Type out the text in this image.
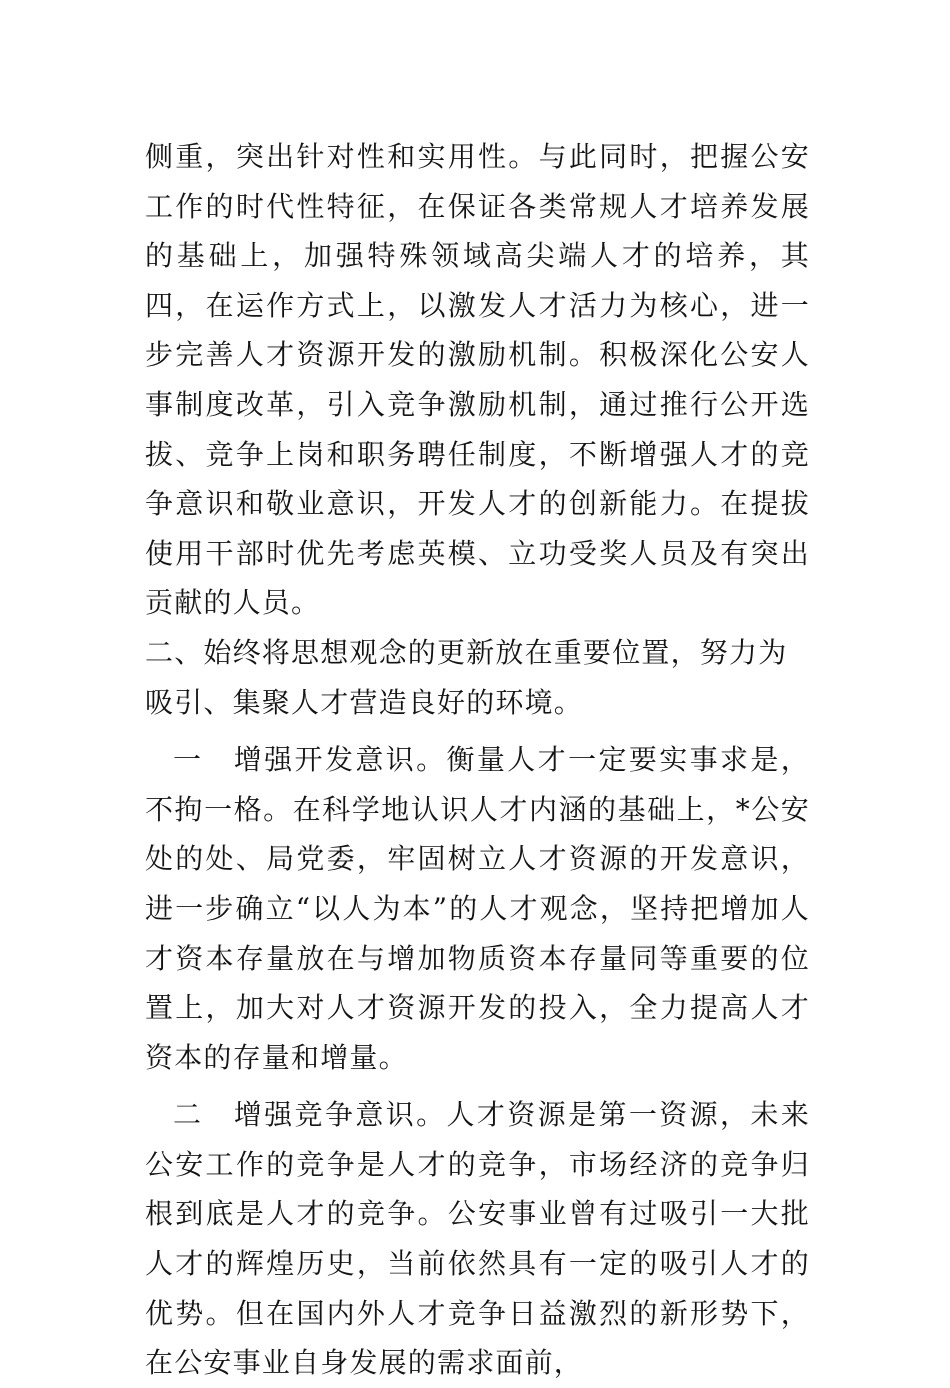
侧重，突出针对性和实用性。与此同时，把握公安工作的时代性特征，在保证各类常规人才培养发展的基础上，加强特殊领域高尖端人才的培养，其四，在运作方式上，以激发人才活力为核心，进一步完善人才资源开发的激励机制。积极深化公安人事制度改革，引入竞争激励机制，通过推行公开选拔、竞争上岗和职务聘任制度，不断增强人才的竞争意识和敬业意识，开发人才的创新能力。在提拔使用干部时优先考虑英模、立功受奖人员及有突出贡献的人员。

二、始终将思想观念的更新放在重要位置，努力为吸引、集聚人才营造良好的环境。

一　增强开发意识。衡量人才一定要实事求是，不拘一格。在科学地认识人才内涵的基础上，*公安处的处、局党委，牢固树立人才资源的开发意识，进一步确立“以人为本”的人才观念，坚持把增加人才资本存量放在与增加物质资本存量同等重要的位置上，加大对人才资源开发的投入，全力提高人才资本的存量和增量。

二　增强竞争意识。人才资源是第一资源，未来公安工作的竞争是人才的竞争，市场经济的竞争归根到底是人才的竞争。公安事业曾有过吸引一大批人才的辉煌历史，当前依然具有一定的吸引人才的优势。但在国内外人才竞争日益激烈的新形势下，在公安事业自身发展的需求面前，
